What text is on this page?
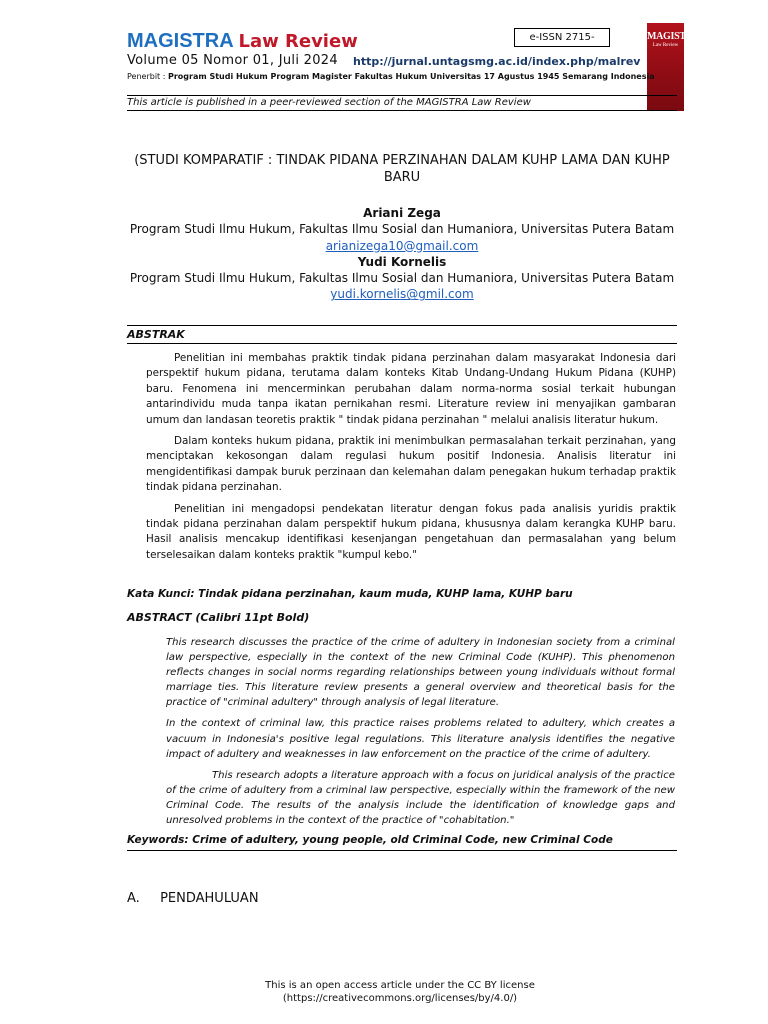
MAGISTRA Law Review
Volume 05 Nomor 01, Juli 2024 http://jurnal.untagsmg.ac.id/index.php/malrev
e-ISSN 2715-	MAGISTRA
Law Review
Penerbit : Program Studi Hukum Program Magister Fakultas Hukum Universitas 17 Agustus 1945 Semarang Indonesia
This article is published in a peer-reviewed section of the MAGISTRA Law Review
(STUDI KOMPARATIF : TINDAK PIDANA PERZINAHAN DALAM KUHP LAMA DAN KUHP BARU
Ariani Zega
Program Studi Ilmu Hukum, Fakultas Ilmu Sosial dan Humaniora, Universitas Putera Batam
arianizega10@gmail.com
Yudi Kornelis
Program Studi Ilmu Hukum, Fakultas Ilmu Sosial dan Humaniora, Universitas Putera Batam
yudi.kornelis@gmil.com
ABSTRAK

Penelitian ini membahas praktik tindak pidana perzinahan dalam masyarakat Indonesia dari perspektif hukum pidana, terutama dalam konteks Kitab Undang-Undang Hukum Pidana (KUHP) baru. Fenomena ini mencerminkan perubahan dalam norma-norma sosial terkait hubungan antarindividu muda tanpa ikatan pernikahan resmi. Literature review ini menyajikan gambaran umum dan landasan teoretis praktik " tindak pidana perzinahan " melalui analisis literatur hukum.

Dalam konteks hukum pidana, praktik ini menimbulkan permasalahan terkait perzinahan, yang menciptakan kekosongan dalam regulasi hukum positif Indonesia. Analisis literatur ini mengidentifikasi dampak buruk perzinaan dan kelemahan dalam penegakan hukum terhadap praktik tindak pidana perzinahan.

Penelitian ini mengadopsi pendekatan literatur dengan fokus pada analisis yuridis praktik tindak pidana perzinahan dalam perspektif hukum pidana, khususnya dalam kerangka KUHP baru. Hasil analisis mencakup identifikasi kesenjangan pengetahuan dan permasalahan yang belum terselesaikan dalam konteks praktik "kumpul kebo."

Kata Kunci: Tindak pidana perzinahan, kaum muda, KUHP lama, KUHP baru
ABSTRACT (Calibri 11pt Bold)

This research discusses the practice of the crime of adultery in Indonesian society from a criminal law perspective, especially in the context of the new Criminal Code (KUHP). This phenomenon reflects changes in social norms regarding relationships between young individuals without formal marriage ties. This literature review presents a general overview and theoretical basis for the practice of "criminal adultery" through analysis of legal literature.

In the context of criminal law, this practice raises problems related to adultery, which creates a vacuum in Indonesia's positive legal regulations. This literature analysis identifies the negative impact of adultery and weaknesses in law enforcement on the practice of the crime of adultery.

This research adopts a literature approach with a focus on juridical analysis of the practice of the crime of adultery from a criminal law perspective, especially within the framework of the new Criminal Code. The results of the analysis include the identification of knowledge gaps and unresolved problems in the context of the practice of "cohabitation."

Keywords: Crime of adultery, young people, old Criminal Code, new Criminal Code
A. PENDAHULUAN
This is an open access article under the CC BY license
(https://creativecommons.org/licenses/by/4.0/)
